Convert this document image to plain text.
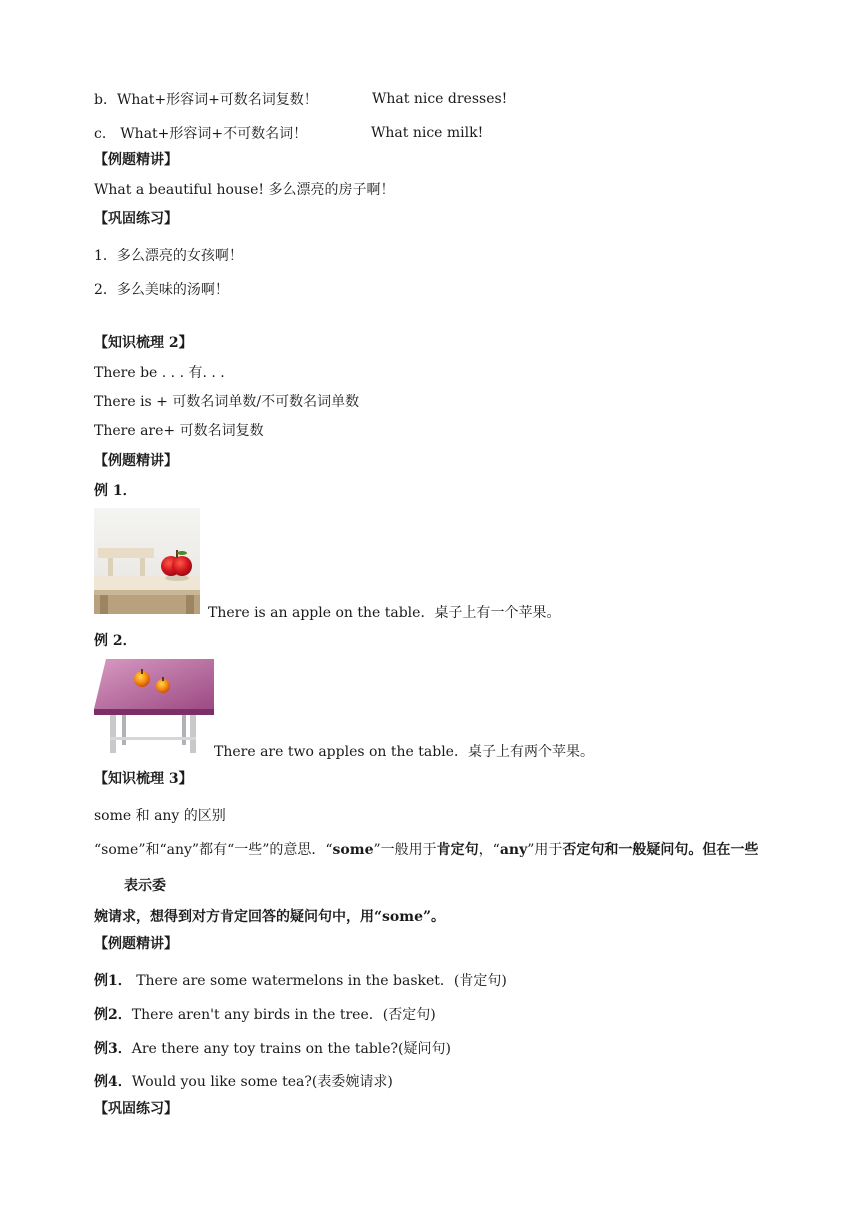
b．What+形容词+可数名词复数！	What nice dresses!
c． What+形容词+不可数名词！	What nice milk!
【例题精讲】
What a beautiful house! 多么漂亮的房子啊！
【巩固练习】
1．多么漂亮的女孩啊！
2．多么美味的汤啊！
【知识梳理 2】
There be . . . 有. . .
There is + 可数名词单数/不可数名词单数
There are+ 可数名词复数
【例题精讲】
例 1．
There is an apple on the table．桌子上有一个苹果。
例 2．
There are two apples on the table．桌子上有两个苹果。
【知识梳理 3】
some 和 any 的区别
“some”和“any”都有“一些”的意思．“some”一般用于肯定句，“any”用于否定句和一般疑问句。但在一些
表示委
婉请求，想得到对方肯定回答的疑问句中，用“some”。
【例题精讲】
例1． There are some watermelons in the basket．(肯定句)
例2．There aren't any birds in the tree．(否定句)
例3．Are there any toy trains on the table?(疑问句)
例4．Would you like some tea?(表委婉请求)
【巩固练习】
